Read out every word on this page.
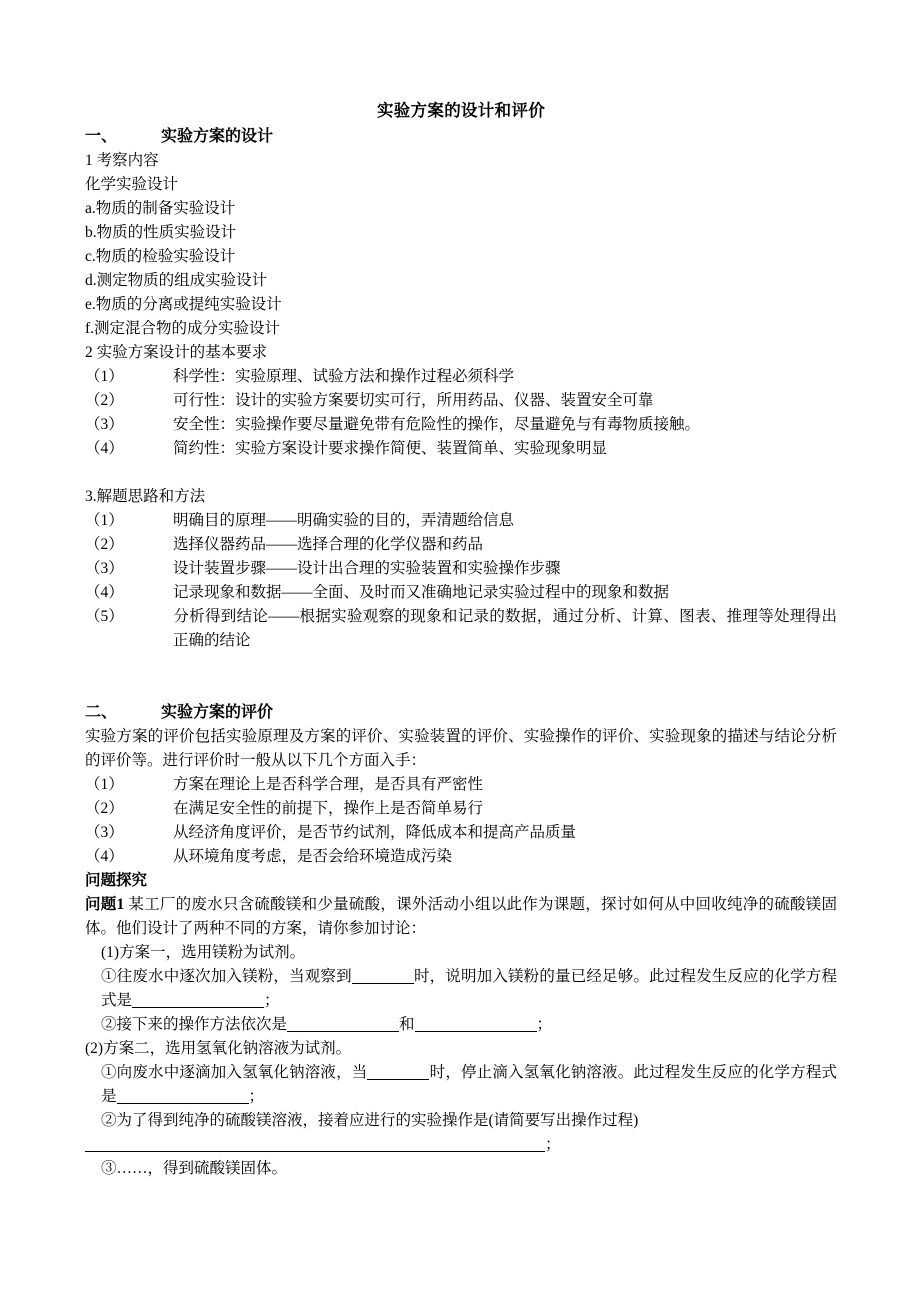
实验方案的设计和评价
一、	实验方案的设计
1 考察内容
化学实验设计
a.物质的制备实验设计
b.物质的性质实验设计
c.物质的检验实验设计
d.测定物质的组成实验设计
e.物质的分离或提纯实验设计
f.测定混合物的成分实验设计
2 实验方案设计的基本要求
（1）	科学性：实验原理、试验方法和操作过程必须科学
（2）	可行性：设计的实验方案要切实可行，所用药品、仪器、装置安全可靠
（3）	安全性：实验操作要尽量避免带有危险性的操作，尽量避免与有毒物质接触。
（4）	简约性：实验方案设计要求操作简便、装置简单、实验现象明显

3.解题思路和方法
（1）	明确目的原理——明确实验的目的，弄清题给信息
（2）	选择仪器药品——选择合理的化学仪器和药品
（3）	设计装置步骤——设计出合理的实验装置和实验操作步骤
（4）	记录现象和数据——全面、及时而又准确地记录实验过程中的现象和数据
（5）	分析得到结论——根据实验观察的现象和记录的数据，通过分析、计算、图表、推理等处理得出正确的结论

二、	实验方案的评价
实验方案的评价包括实验原理及方案的评价、实验装置的评价、实验操作的评价、实验现象的描述与结论分析的评价等。进行评价时一般从以下几个方面入手：
（1）	方案在理论上是否科学合理，是否具有严密性
（2）	在满足安全性的前提下，操作上是否简单易行
（3）	从经济角度评价，是否节约试剂，降低成本和提高产品质量
（4）	从环境角度考虑，是否会给环境造成污染
问题探究
问题1 某工厂的废水只含硫酸镁和少量硫酸，课外活动小组以此作为课题，探讨如何从中回收纯净的硫酸镁固体。他们设计了两种不同的方案，请你参加讨论：
(1)方案一，选用镁粉为试剂。
①往废水中逐次加入镁粉，当观察到	时，说明加入镁粉的量已经足够。此过程发生反应的化学方程式是	；
②接下来的操作方法依次是	和	；
(2)方案二，选用氢氧化钠溶液为试剂。
①向废水中逐滴加入氢氧化钠溶液，当	时，停止滴入氢氧化钠溶液。此过程发生反应的化学方程式是	；
②为了得到纯净的硫酸镁溶液，接着应进行的实验操作是(请简要写出操作过程)
；
③……，得到硫酸镁固体。
